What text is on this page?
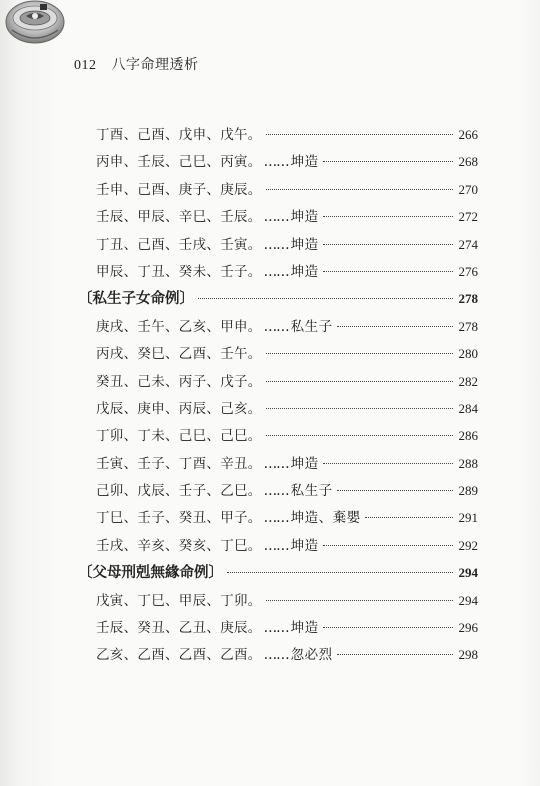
012 八字命理透析
丁酉、己酉、戊申、戊午。	266
丙申、壬辰、己巳、丙寅。 …… 坤造	268
壬申、己酉、庚子、庚辰。	270
壬辰、甲辰、辛巳、壬辰。 …… 坤造	272
丁丑、己酉、壬戌、壬寅。 …… 坤造	274
甲辰、丁丑、癸未、壬子。 …… 坤造	276
〔私生子女命例〕	278
庚戌、壬午、乙亥、甲申。 …… 私生子	278
丙戌、癸巳、乙酉、壬午。	280
癸丑、己未、丙子、戊子。	282
戊辰、庚申、丙辰、己亥。	284
丁卯、丁未、己巳、己巳。	286
壬寅、壬子、丁酉、辛丑。 …… 坤造	288
己卯、戊辰、壬子、乙巳。 …… 私生子	289
丁巳、壬子、癸丑、甲子。 …… 坤造、棄嬰	291
壬戌、辛亥、癸亥、丁巳。 …… 坤造	292
〔父母刑剋無緣命例〕	294
戊寅、丁巳、甲辰、丁卯。	294
壬辰、癸丑、乙丑、庚辰。 …… 坤造	296
乙亥、乙酉、乙酉、乙酉。 …… 忽必烈	298
